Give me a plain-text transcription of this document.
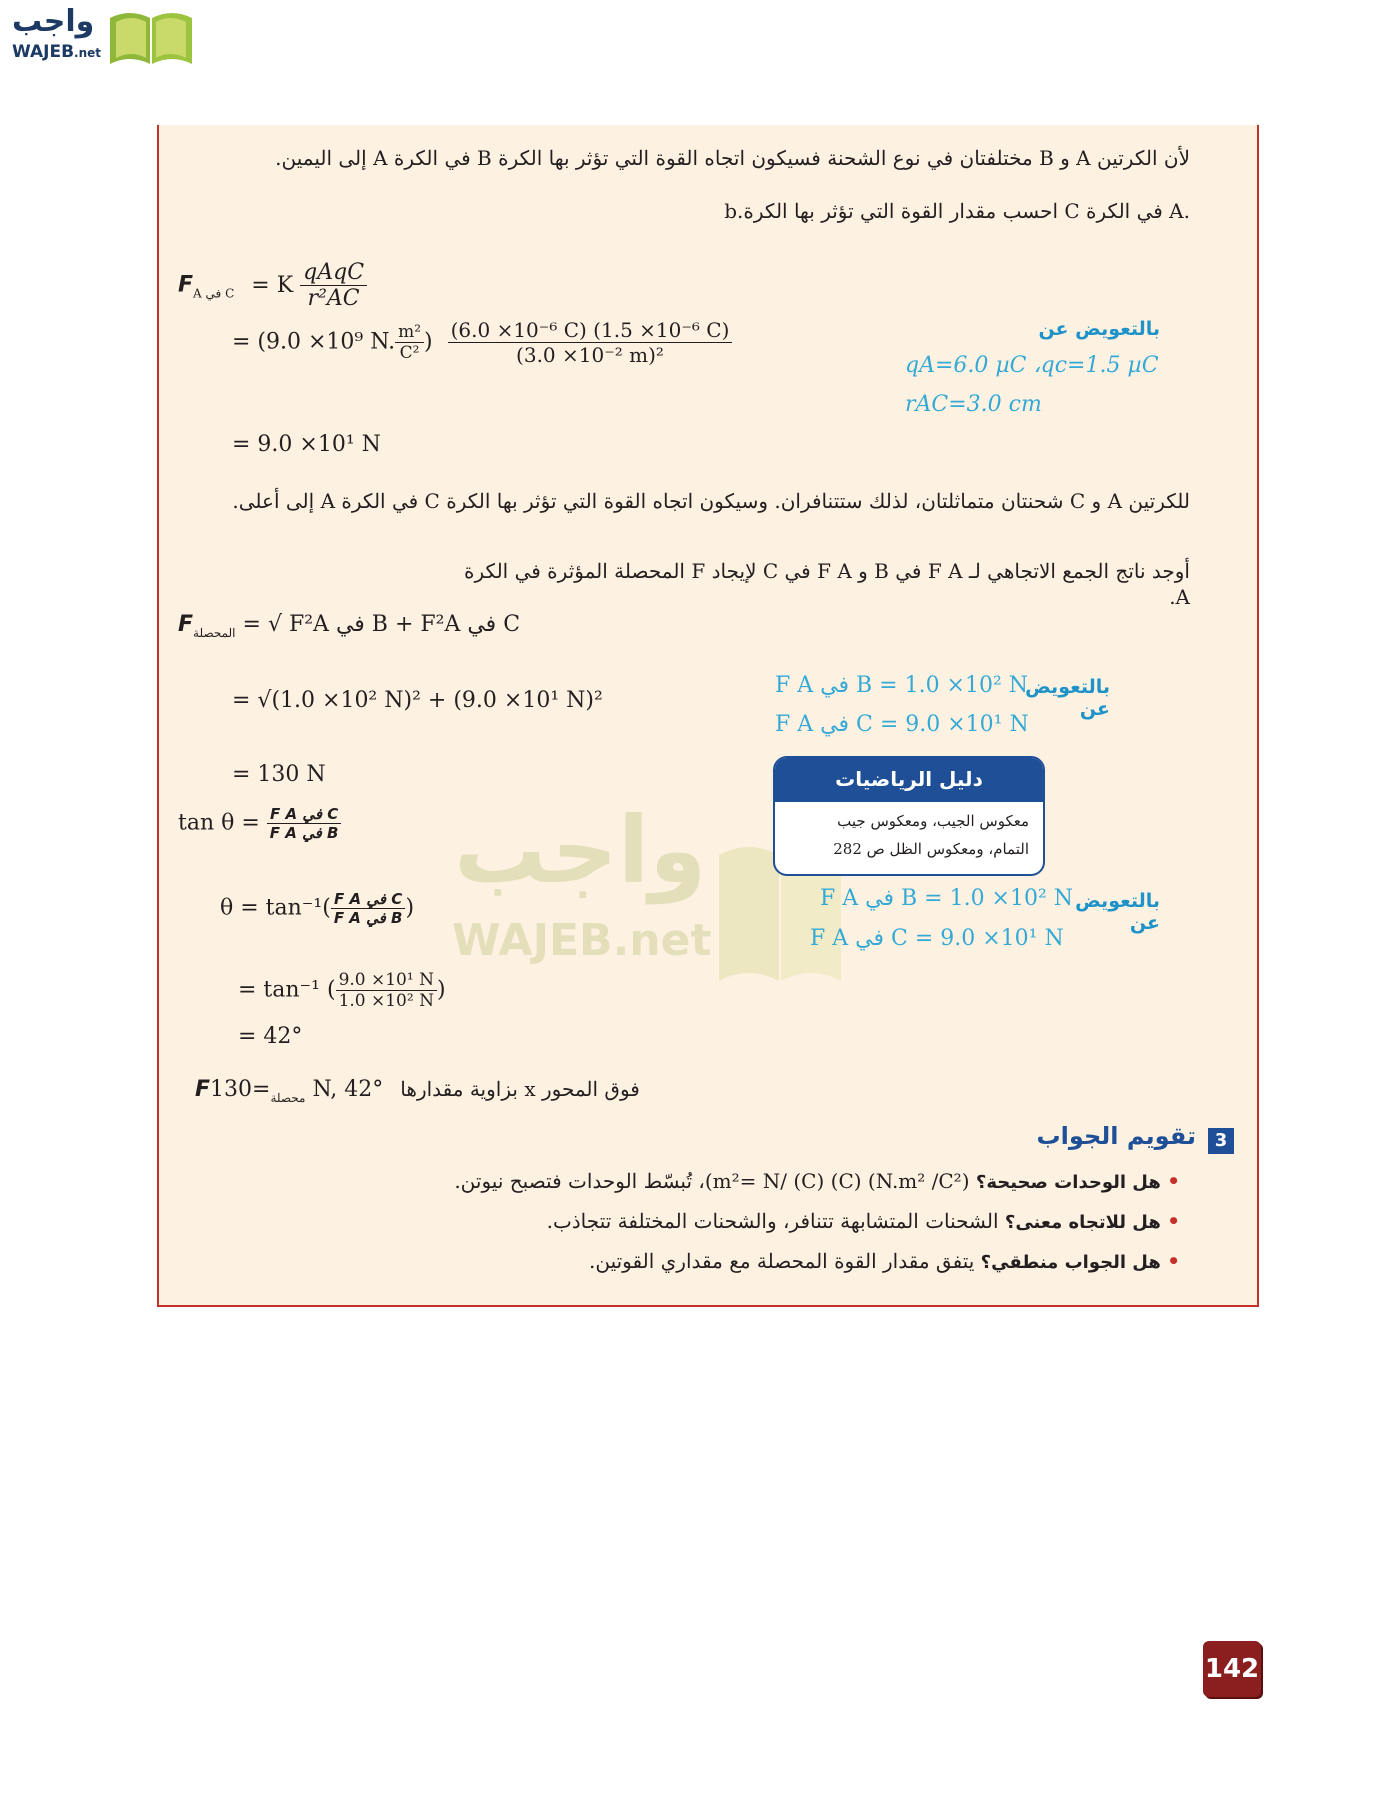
واجب
WAJEB.net
واجب
WAJEB.net
لأن الكرتين A و B مختلفتان في نوع الشحنة فسيكون اتجاه القوة التي تؤثر بها الكرة B في الكرة A إلى اليمين.
b.احسب مقدار القوة التي تؤثر بها الكرة C في الكرة A.
$F_{A في C} = K \frac{\text{qAqC}}{\text{r²AC}}$
= (9.0 ×10⁹ N. $\frac{\text{m²}}{\text{C²}}$ ) $\frac{\text{(6.0 ×10⁻⁶ C) (1.5 ×10⁻⁶ C)}}{\text{(3.0 ×10⁻² m)²}}$
= 9.0 ×10¹ N
بالتعويض عن
qA=6.0 µC ،qc=1.5 µC
rAC=3.0 cm
للكرتين A و C شحنتان متماثلتان، لذلك ستتنافران. وسيكون اتجاه القوة التي تؤثر بها الكرة C في الكرة A إلى أعلى.
أوجد ناتج الجمع الاتجاهي لـ F A في B و F A في C لإيجاد F المحصلة المؤثرة في الكرة A.
$F_{المحصلة}$ = √ F²A في B + F²A في C
= √(1.0 ×10² N)² + (9.0 ×10¹ N)²
= 130 N
بالتعويض عن
F A في B = 1.0 ×10² N
F A في C = 9.0 ×10¹ N
دليل الرياضيات
معكوس الجيب، ومعكوس جيب
التمام، ومعكوس الظل ص 282
$\tan \theta = \frac{\text{F A في C}}{\text{F A في B}}$
$\theta = \tan^{-1}( \frac{\text{F A في C}}{\text{F A في B}}$ )
= tan⁻¹ ( $\frac{\text{9.0 ×10¹ N}}{\text{1.0 ×10² N}}$ )
= 42°
بالتعويض عن
F A في B = 1.0 ×10² N
F A في C = 9.0 ×10¹ N
F	$_{محصلة}$=130 N, 42° فوق المحور x بزاوية مقدارها
3
تقويم الجواب
• هل الوحدات صحيحة؟ (N.m² /C²) (C) (C) /m²= N)، تُبسّط الوحدات فتصبح نيوتن.
• هل للاتجاه معنى؟ الشحنات المتشابهة تتنافر، والشحنات المختلفة تتجاذب.
• هل الجواب منطقي؟ يتفق مقدار القوة المحصلة مع مقداري القوتين.
142
